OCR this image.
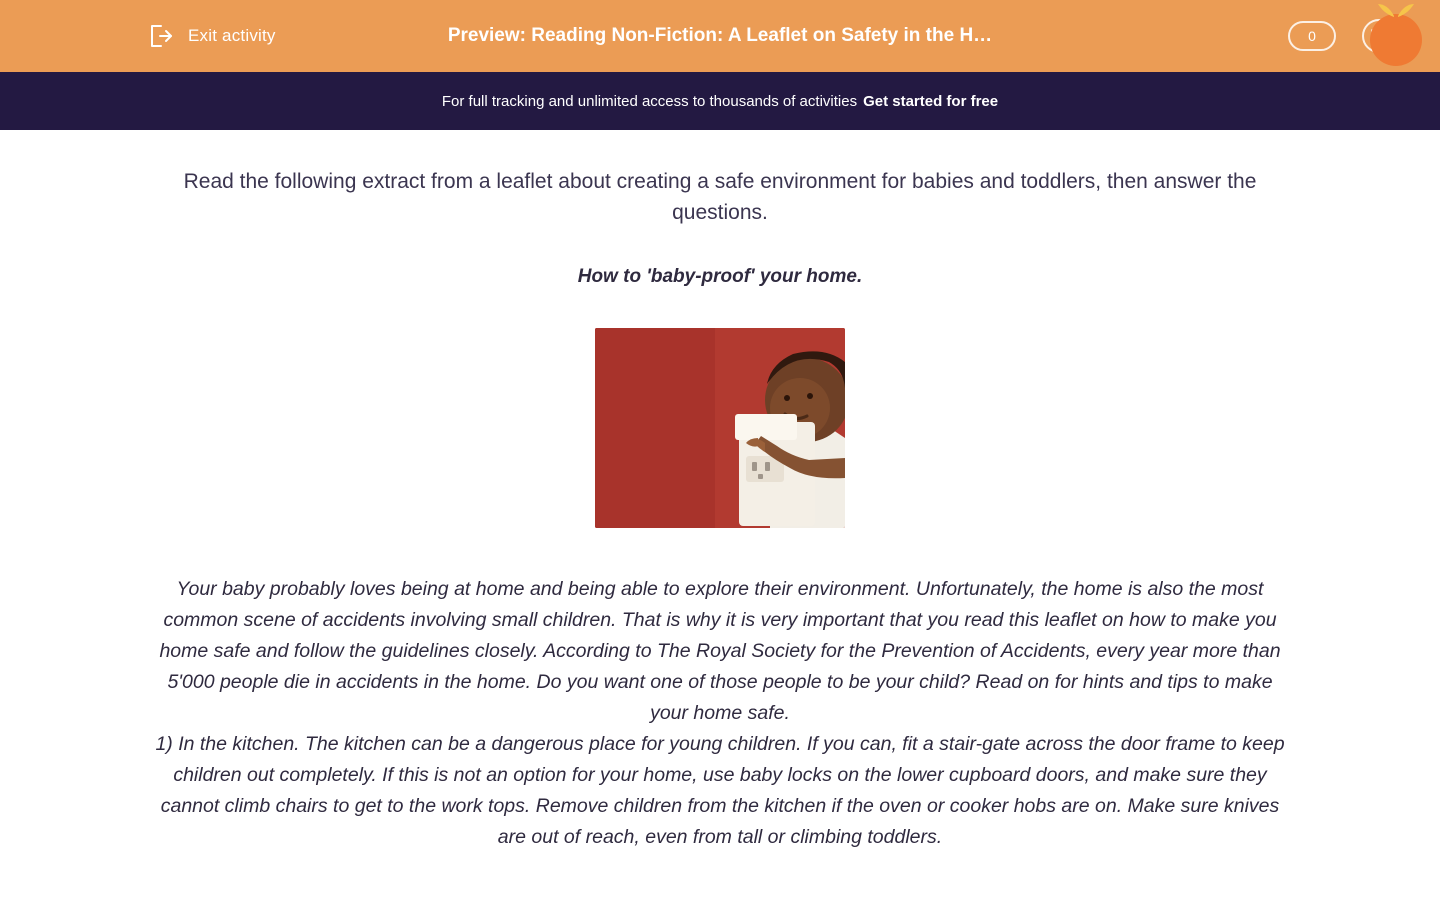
Exit activity	Preview: Reading Non-Fiction: A Leaflet on Safety in the H…	0
For full tracking and unlimited access to thousands of activities Get started for free
Read the following extract from a leaflet about creating a safe environment for babies and toddlers, then answer the questions.
How to 'baby-proof' your home.

Your baby probably loves being at home and being able to explore their environment. Unfortunately, the home is also the most common scene of accidents involving small children. That is why it is very important that you read this leaflet on how to make you home safe and follow the guidelines closely. According to The Royal Society for the Prevention of Accidents, every year more than 5'000 people die in accidents in the home. Do you want one of those people to be your child? Read on for hints and tips to make your home safe.

1) In the kitchen. The kitchen can be a dangerous place for young children. If you can, fit a stair-gate across the door frame to keep children out completely. If this is not an option for your home, use baby locks on the lower cupboard doors, and make sure they cannot climb chairs to get to the work tops. Remove children from the kitchen if the oven or cooker hobs are on. Make sure knives are out of reach, even from tall or climbing toddlers.
